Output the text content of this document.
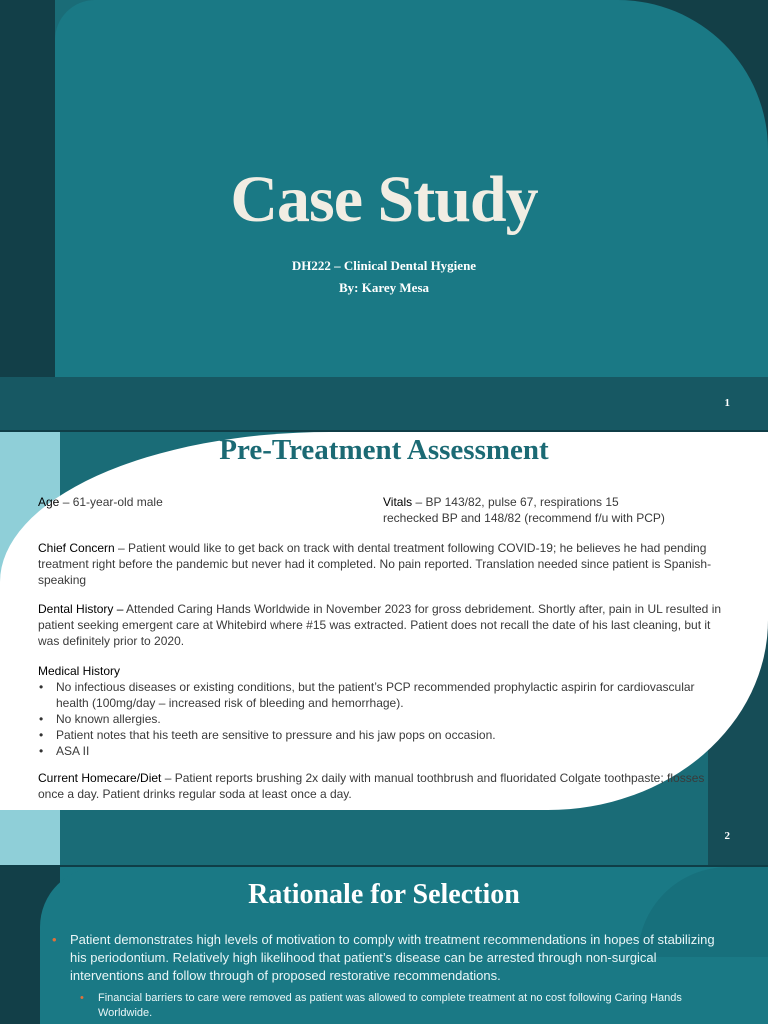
Case Study
DH222 – Clinical Dental Hygiene
By: Karey Mesa
1
2
Pre-Treatment Assessment
Age – 61-year-old male	Vitals – BP 143/82, pulse 67, respirations 15
rechecked BP and 148/82 (recommend f/u with PCP)
Chief Concern – Patient would like to get back on track with dental treatment following COVID-19; he believes he had pending treatment right before the pandemic but never had it completed. No pain reported. Translation needed since patient is Spanish-speaking
Dental History – Attended Caring Hands Worldwide in November 2023 for gross debridement. Shortly after, pain in UL resulted in patient seeking emergent care at Whitebird where #15 was extracted. Patient does not recall the date of his last cleaning, but it was definitely prior to 2020.
Medical History
• No infectious diseases or existing conditions, but the patient’s PCP recommended prophylactic aspirin for cardiovascular health (100mg/day – increased risk of bleeding and hemorrhage).
• No known allergies.
• Patient notes that his teeth are sensitive to pressure and his jaw pops on occasion.
• ASA II
Current Homecare/Diet – Patient reports brushing 2x daily with manual toothbrush and fluoridated Colgate toothpaste; flosses once a day. Patient drinks regular soda at least once a day.
Rationale for Selection
• Patient demonstrates high levels of motivation to comply with treatment recommendations in hopes of stabilizing his periodontium. Relatively high likelihood that patient’s disease can be arrested through non-surgical interventions and follow through of proposed restorative recommendations.
• Financial barriers to care were removed as patient was allowed to complete treatment at no cost following Caring Hands Worldwide.
